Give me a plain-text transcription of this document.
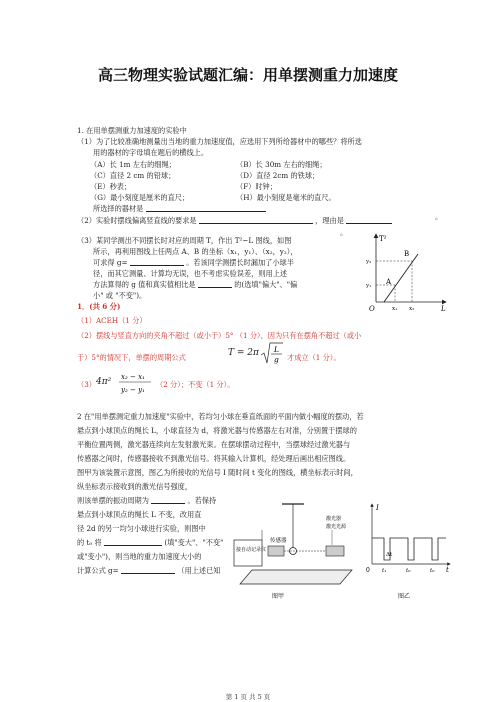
高三物理实验试题汇编：用单摆测重力加速度
1. 在用单摆测重力加速度的实验中
（1）为了比较准确地测量出当地的重力加速度值，应选用下列所给器材中的哪些？将所选
用的器材的字母填在题后的横线上。
（A）长 1m 左右的细绳；	（B）长 30m 左右的细绳；
（C）直径 2 cm 的铅球；	（D）直径 2cm 的铁球；
（E）秒表；	（F）时钟；
（G）最小刻度是厘米的直尺；	（H）最小刻度是毫米的直尺。
所选择的器材是
。
（2）实验时摆线偏离竖直线的要求是	，理由是
。
（3）某同学测出不同摆长时对应的周期 T，作出 T²~L 图线，如图
所示，再利用图线上任两点 A、B 的坐标（x₁，y₁）、（x₂，y₂），
可求得 g=	。若该同学测摆长时漏加了小球半
径，而其它测量、计算均无误，也不考虑实验误差，则用上述
方法算得的 g 值和真实值相比是	的(选填"偏大"、"偏
小" 或 "不变")。
T²
L
O
A
B
x₁ x₂
y₁
y₂
1．(共 6 分)
（1）ACEH（1 分）
（2）摆线与竖直方向的夹角不超过（或小于）5° （1 分），因为只有在摆角不超过（或小
于）5°的情况下，单摆的周期公式	T = 2π L
g 才成立（1 分）。
（3） 4π² x₂ − x₁
y₂ − y₁
（2 分）；不变（1 分）。
2 在"用单摆测定重力加速度"实验中，若均匀小球在垂直纸面的平面内做小幅度的摆动，若
悬点到小球顶点的绳长 L，小球直径为 d，将激光器与传感器左右对准，分别置于摆球的
平衡位置两侧，激光器连续向左发射激光束。在摆球摆动过程中，当摆球经过激光器与
传感器之间时，传感器接收不到激光信号。将其输入计算机，经处理后画出相应图线。
图甲为该装置示意图，图乙为所接收的光信号 I 随时间 t 变化的图线，横坐标表示时间，
纵坐标表示接收到的激光信号强度，
则该单摆的振动周期为	。若保持
悬点到小球顶点的绳长 L 不变，改用直
径 2d 的另一均匀小球进行实验，则图中
的 t₀ 将	(填"变大"、"不变"
或"变小")，则当地的重力加速度大小的
计算公式 g=	（用上述已知
接自动记录仪
传感器
激光器
激光光源
图甲
I
t
0
Δt
t₁	t₀	t₀
图乙
第 1 页 共 5 页
